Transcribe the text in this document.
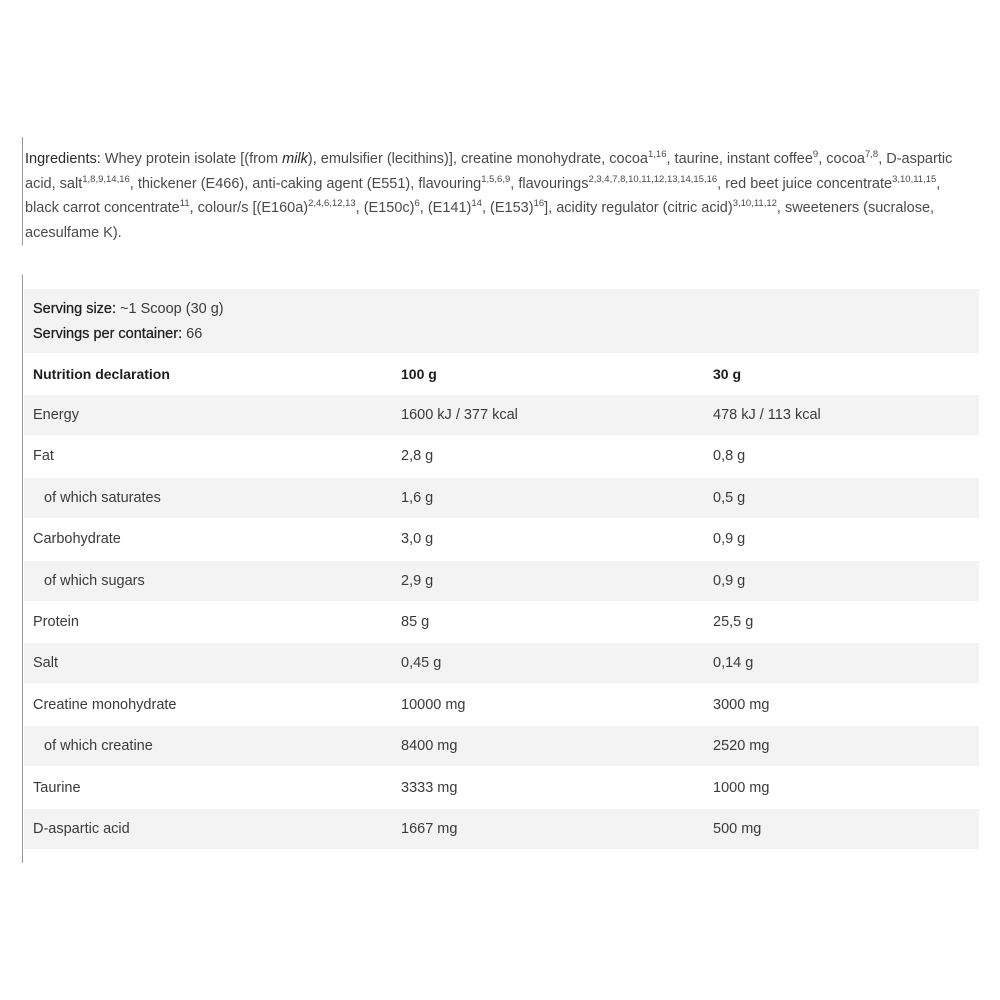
Ingredients: Whey protein isolate [(from milk), emulsifier (lecithins)], creatine monohydrate, cocoa$^{1,16}$, taurine, instant coffee$^9$, cocoa$^{7,8}$, D-aspartic acid, salt$^{1,8,9,14,16}$, thickener (E466), anti-caking agent (E551), flavouring$^{1,5,6,9}$, flavourings$^{2,3,4,7,8,10,11,12,13,14,15,16}$, red beet juice concentrate$^{3,10,11,15}$, black carrot concentrate$^{11}$, colour/s [$(E160a)^{2,4,6,12,13}$, $(E150c)^6$, $(E141)^{14}$, $(E153)^{16}$], acidity regulator (citric acid)$^{3,10,11,12}$, sweeteners (sucralose, acesulfame K).
Serving size: ~1 Scoop (30 g)
Servings per container: 66
Nutrition declaration	100 g	30 g
Energy	1600 kJ / 377 kcal	478 kJ / 113 kcal
Fat	2,8 g	0,8 g
of which saturates	1,6 g	0,5 g
Carbohydrate	3,0 g	0,9 g
of which sugars	2,9 g	0,9 g
Protein	85 g	25,5 g
Salt	0,45 g	0,14 g
Creatine monohydrate	10000 mg	3000 mg
of which creatine	8400 mg	2520 mg
Taurine	3333 mg	1000 mg
D-aspartic acid	1667 mg	500 mg
